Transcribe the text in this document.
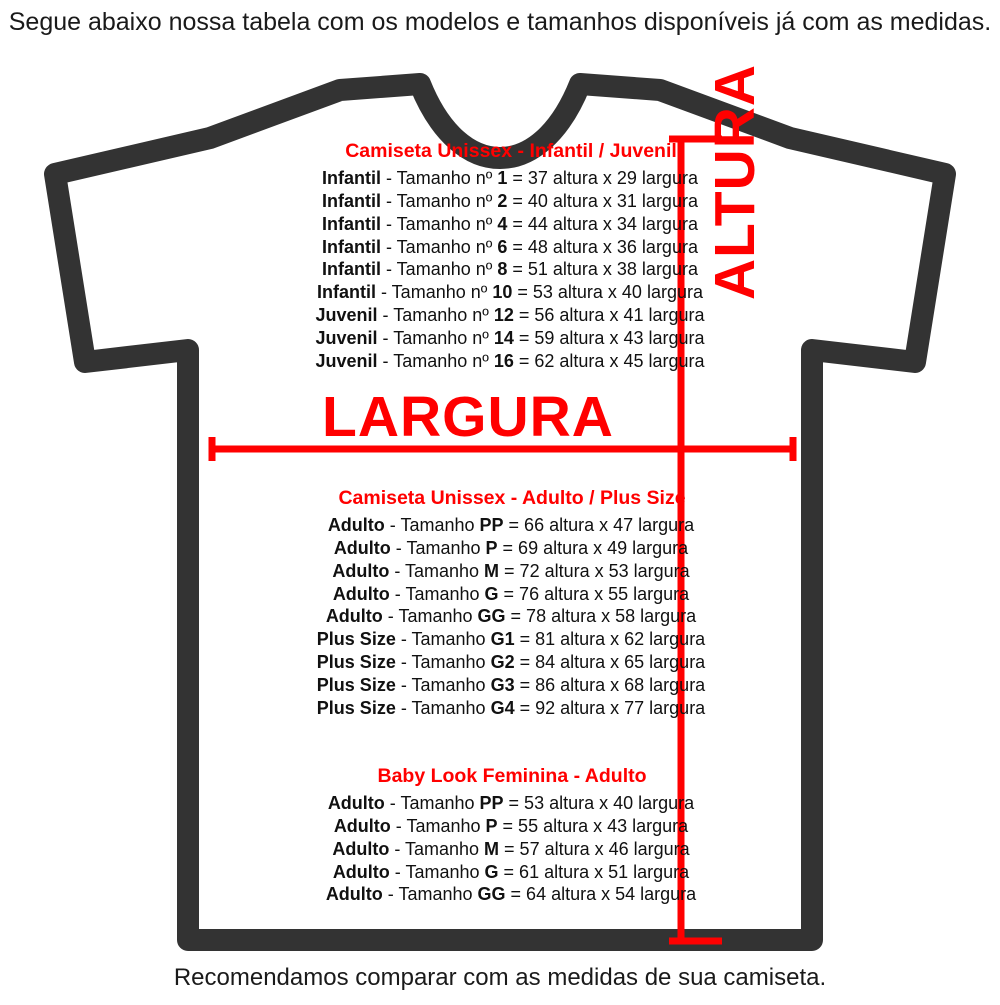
Segue abaixo nossa tabela com os modelos e tamanhos disponíveis já com as medidas.
LARGURA
ALTURA
Camiseta Unissex - Infantil / Juvenil
Infantil - Tamanho nº 1 = 37 altura x 29 largura
Infantil - Tamanho nº 2 = 40 altura x 31 largura
Infantil - Tamanho nº 4 = 44 altura x 34 largura
Infantil - Tamanho nº 6 = 48 altura x 36 largura
Infantil - Tamanho nº 8 = 51 altura x 38 largura
Infantil - Tamanho nº 10 = 53 altura x 40 largura
Juvenil - Tamanho nº 12 = 56 altura x 41 largura
Juvenil - Tamanho nº 14 = 59 altura x 43 largura
Juvenil - Tamanho nº 16 = 62 altura x 45 largura
Camiseta Unissex - Adulto / Plus Size
Adulto - Tamanho PP = 66 altura x 47 largura
Adulto - Tamanho P = 69 altura x 49 largura
Adulto - Tamanho M = 72 altura x 53 largura
Adulto - Tamanho G = 76 altura x 55 largura
Adulto - Tamanho GG = 78 altura x 58 largura
Plus Size - Tamanho G1 = 81 altura x 62 largura
Plus Size - Tamanho G2 = 84 altura x 65 largura
Plus Size - Tamanho G3 = 86 altura x 68 largura
Plus Size - Tamanho G4 = 92 altura x 77 largura
Baby Look Feminina - Adulto
Adulto - Tamanho PP = 53 altura x 40 largura
Adulto - Tamanho P = 55 altura x 43 largura
Adulto - Tamanho M = 57 altura x 46 largura
Adulto - Tamanho G = 61 altura x 51 largura
Adulto - Tamanho GG = 64 altura x 54 largura
Recomendamos comparar com as medidas de sua camiseta.
